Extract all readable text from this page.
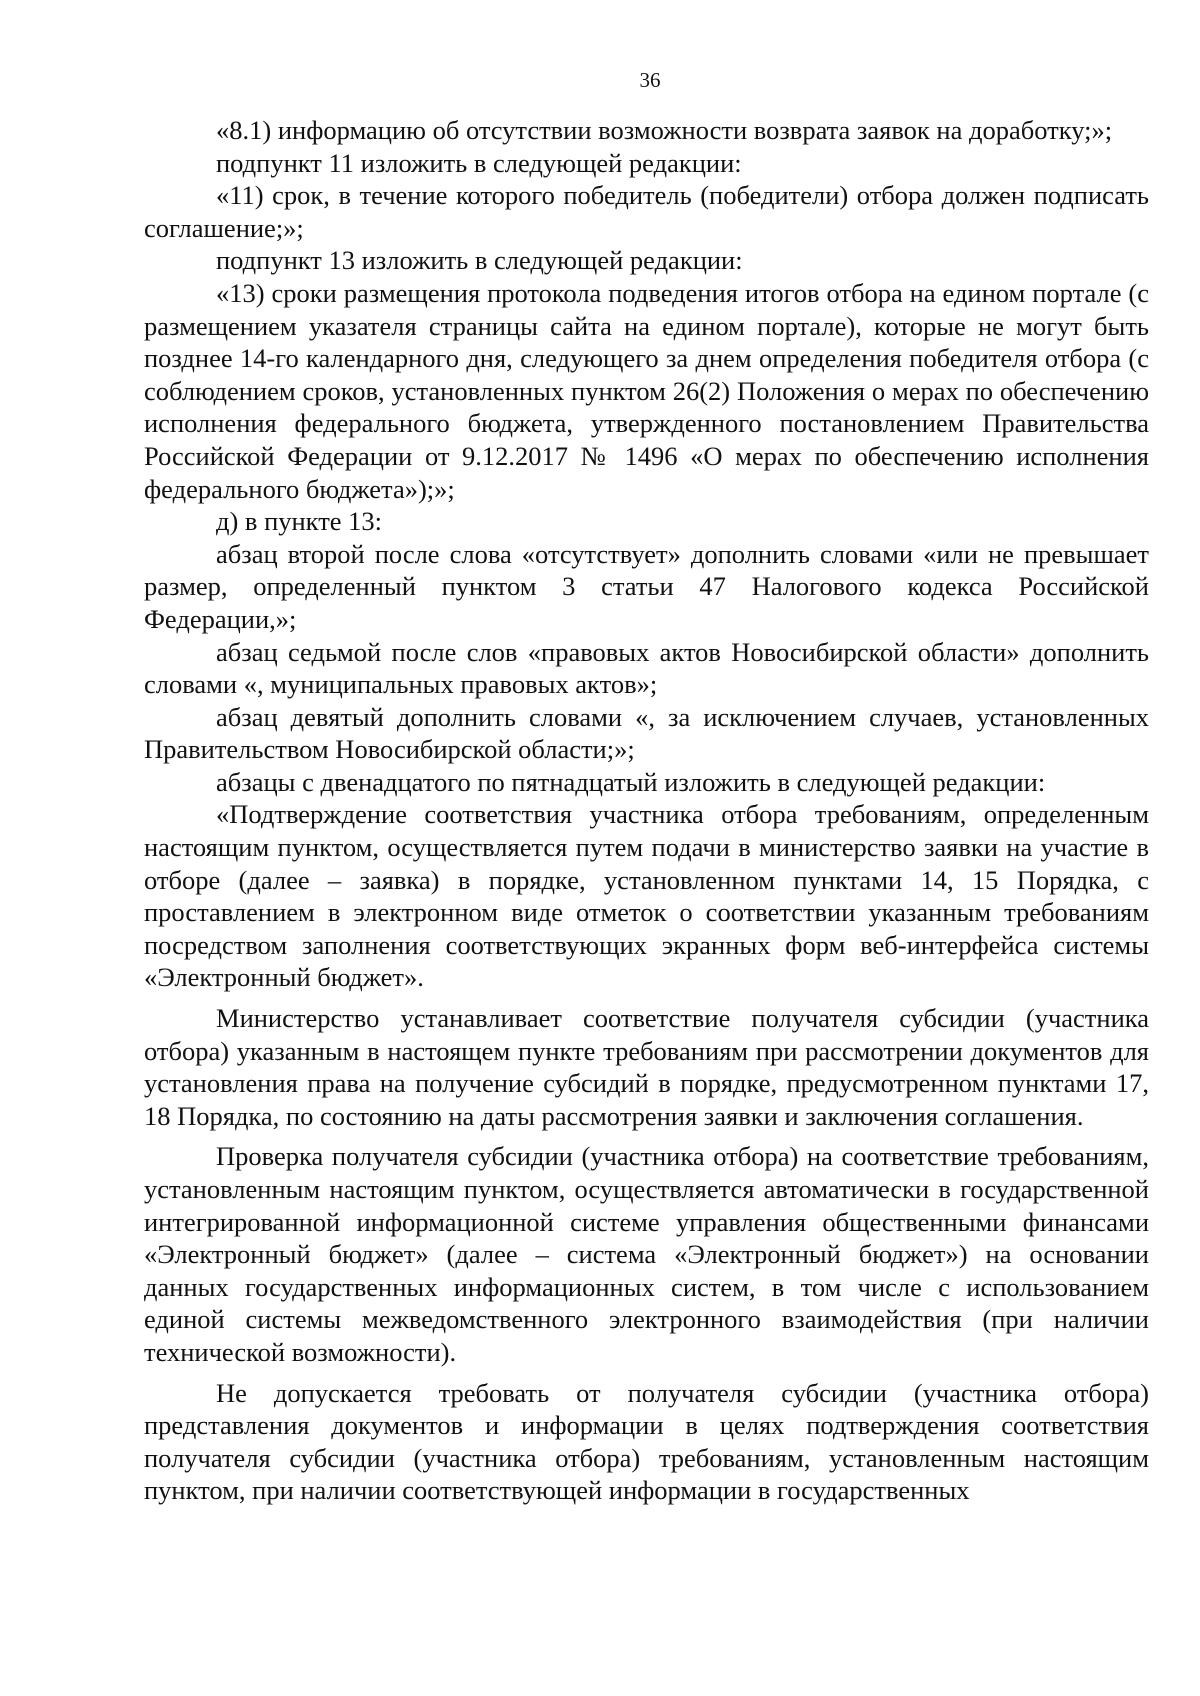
36

«8.1) информацию об отсутствии возможности возврата заявок на доработку;»;

подпункт 11 изложить в следующей редакции:

«11) срок, в течение которого победитель (победители) отбора должен подписать соглашение;»;

подпункт 13 изложить в следующей редакции:

«13) сроки размещения протокола подведения итогов отбора на едином портале (с размещением указателя страницы сайта на едином портале), которые не могут быть позднее 14-го календарного дня, следующего за днем определения победителя отбора (с соблюдением сроков, установленных пунктом 26(2) Положения о мерах по обеспечению исполнения федерального бюджета, утвержденного постановлением Правительства Российской Федерации от 9.12.2017 № 1496 «О мерах по обеспечению исполнения федерального бюджета»);»;

д) в пункте 13:

абзац второй после слова «отсутствует» дополнить словами «или не превышает размер, определенный пунктом 3 статьи 47 Налогового кодекса Российской Федерации,»;

абзац седьмой после слов «правовых актов Новосибирской области» дополнить словами «, муниципальных правовых актов»;

абзац девятый дополнить словами «, за исключением случаев, установленных Правительством Новосибирской области;»;

абзацы с двенадцатого по пятнадцатый изложить в следующей редакции:

«Подтверждение соответствия участника отбора требованиям, определенным настоящим пунктом, осуществляется путем подачи в министерство заявки на участие в отборе (далее – заявка) в порядке, установленном пунктами 14, 15 Порядка, с проставлением в электронном виде отметок о соответствии указанным требованиям посредством заполнения соответствующих экранных форм веб-интерфейса системы «Электронный бюджет».

Министерство устанавливает соответствие получателя субсидии (участника отбора) указанным в настоящем пункте требованиям при рассмотрении документов для установления права на получение субсидий в порядке, предусмотренном пунктами 17, 18 Порядка, по состоянию на даты рассмотрения заявки и заключения соглашения.

Проверка получателя субсидии (участника отбора) на соответствие требованиям, установленным настоящим пунктом, осуществляется автоматически в государственной интегрированной информационной системе управления общественными финансами «Электронный бюджет» (далее – система «Электронный бюджет») на основании данных государственных информационных систем, в том числе с использованием единой системы межведомственного электронного взаимодействия (при наличии технической возможности).

Не допускается требовать от получателя субсидии (участника отбора) представления документов и информации в целях подтверждения соответствия получателя субсидии (участника отбора) требованиям, установленным настоящим пунктом, при наличии соответствующей информации в государственных
